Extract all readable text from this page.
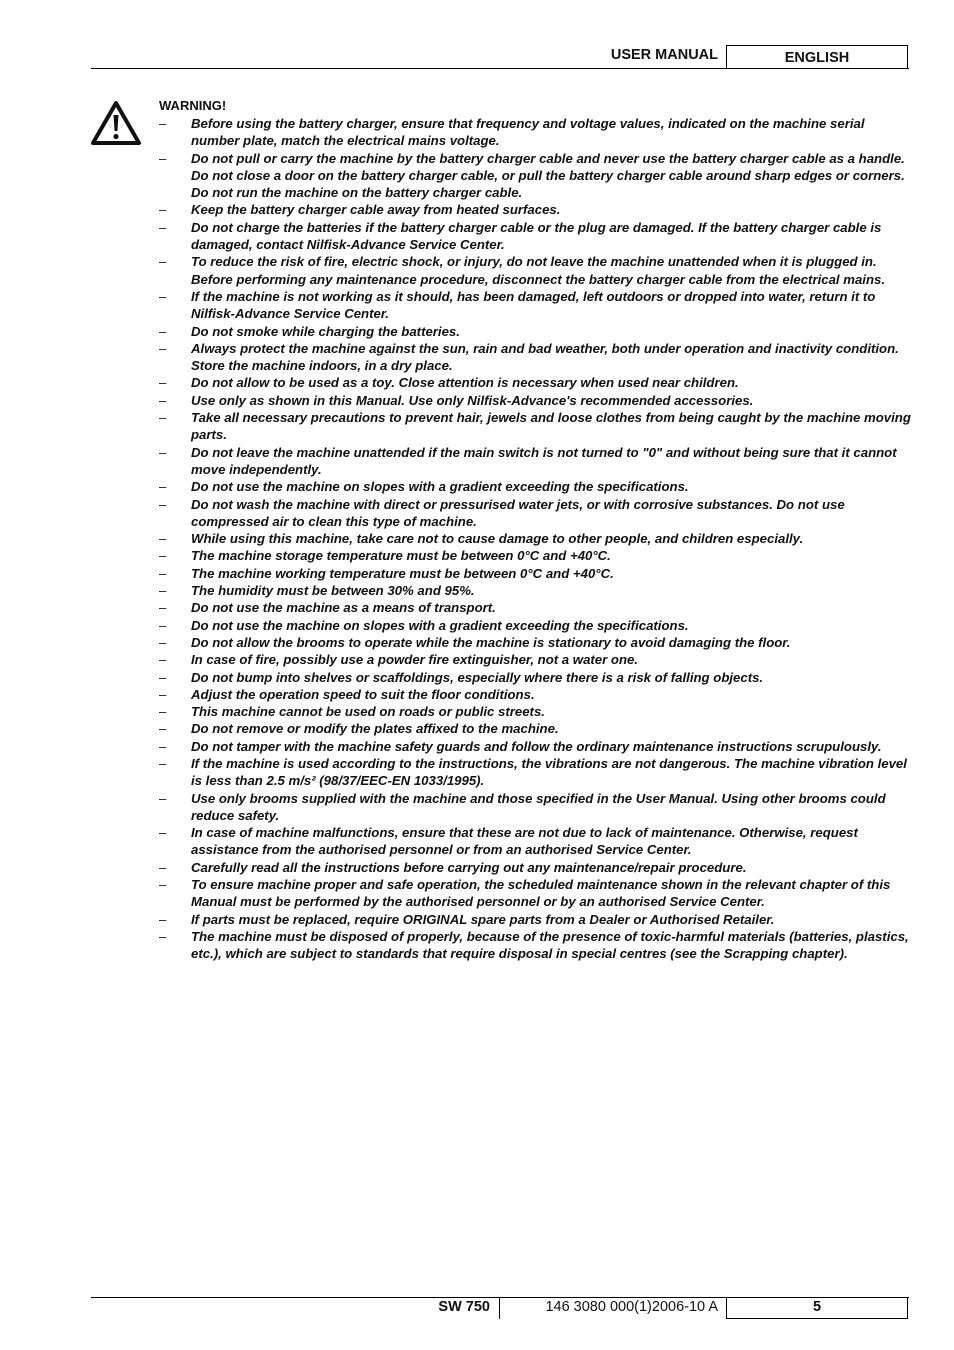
USER MANUAL	ENGLISH
WARNING!
– Before using the battery charger, ensure that frequency and voltage values, indicated on the machine serial number plate, match the electrical mains voltage.
– Do not pull or carry the machine by the battery charger cable and never use the battery charger cable as a handle. Do not close a door on the battery charger cable, or pull the battery charger cable around sharp edges or corners. Do not run the machine on the battery charger cable.
– Keep the battery charger cable away from heated surfaces.
– Do not charge the batteries if the battery charger cable or the plug are damaged. If the battery charger cable is damaged, contact Nilfisk-Advance Service Center.
– To reduce the risk of fire, electric shock, or injury, do not leave the machine unattended when it is plugged in. Before performing any maintenance procedure, disconnect the battery charger cable from the electrical mains.
– If the machine is not working as it should, has been damaged, left outdoors or dropped into water, return it to Nilfisk-Advance Service Center.
– Do not smoke while charging the batteries.
– Always protect the machine against the sun, rain and bad weather, both under operation and inactivity condition. Store the machine indoors, in a dry place.
– Do not allow to be used as a toy. Close attention is necessary when used near children.
– Use only as shown in this Manual. Use only Nilfisk-Advance's recommended accessories.
– Take all necessary precautions to prevent hair, jewels and loose clothes from being caught by the machine moving parts.
– Do not leave the machine unattended if the main switch is not turned to "0" and without being sure that it cannot move independently.
– Do not use the machine on slopes with a gradient exceeding the specifications.
– Do not wash the machine with direct or pressurised water jets, or with corrosive substances. Do not use compressed air to clean this type of machine.
– While using this machine, take care not to cause damage to other people, and children especially.
– The machine storage temperature must be between 0°C and +40°C.
– The machine working temperature must be between 0°C and +40°C.
– The humidity must be between 30% and 95%.
– Do not use the machine as a means of transport.
– Do not use the machine on slopes with a gradient exceeding the specifications.
– Do not allow the brooms to operate while the machine is stationary to avoid damaging the floor.
– In case of fire, possibly use a powder fire extinguisher, not a water one.
– Do not bump into shelves or scaffoldings, especially where there is a risk of falling objects.
– Adjust the operation speed to suit the floor conditions.
– This machine cannot be used on roads or public streets.
– Do not remove or modify the plates affixed to the machine.
– Do not tamper with the machine safety guards and follow the ordinary maintenance instructions scrupulously.
– If the machine is used according to the instructions, the vibrations are not dangerous. The machine vibration level is less than 2.5 m/s² (98/37/EEC-EN 1033/1995).
– Use only brooms supplied with the machine and those specified in the User Manual. Using other brooms could reduce safety.
– In case of machine malfunctions, ensure that these are not due to lack of maintenance. Otherwise, request assistance from the authorised personnel or from an authorised Service Center.
– Carefully read all the instructions before carrying out any maintenance/repair procedure.
– To ensure machine proper and safe operation, the scheduled maintenance shown in the relevant chapter of this Manual must be performed by the authorised personnel or by an authorised Service Center.
– If parts must be replaced, require ORIGINAL spare parts from a Dealer or Authorised Retailer.
– The machine must be disposed of properly, because of the presence of toxic-harmful materials (batteries, plastics, etc.), which are subject to standards that require disposal in special centres (see the Scrapping chapter).
SW 750	146 3080 000(1)2006-10 A	5
